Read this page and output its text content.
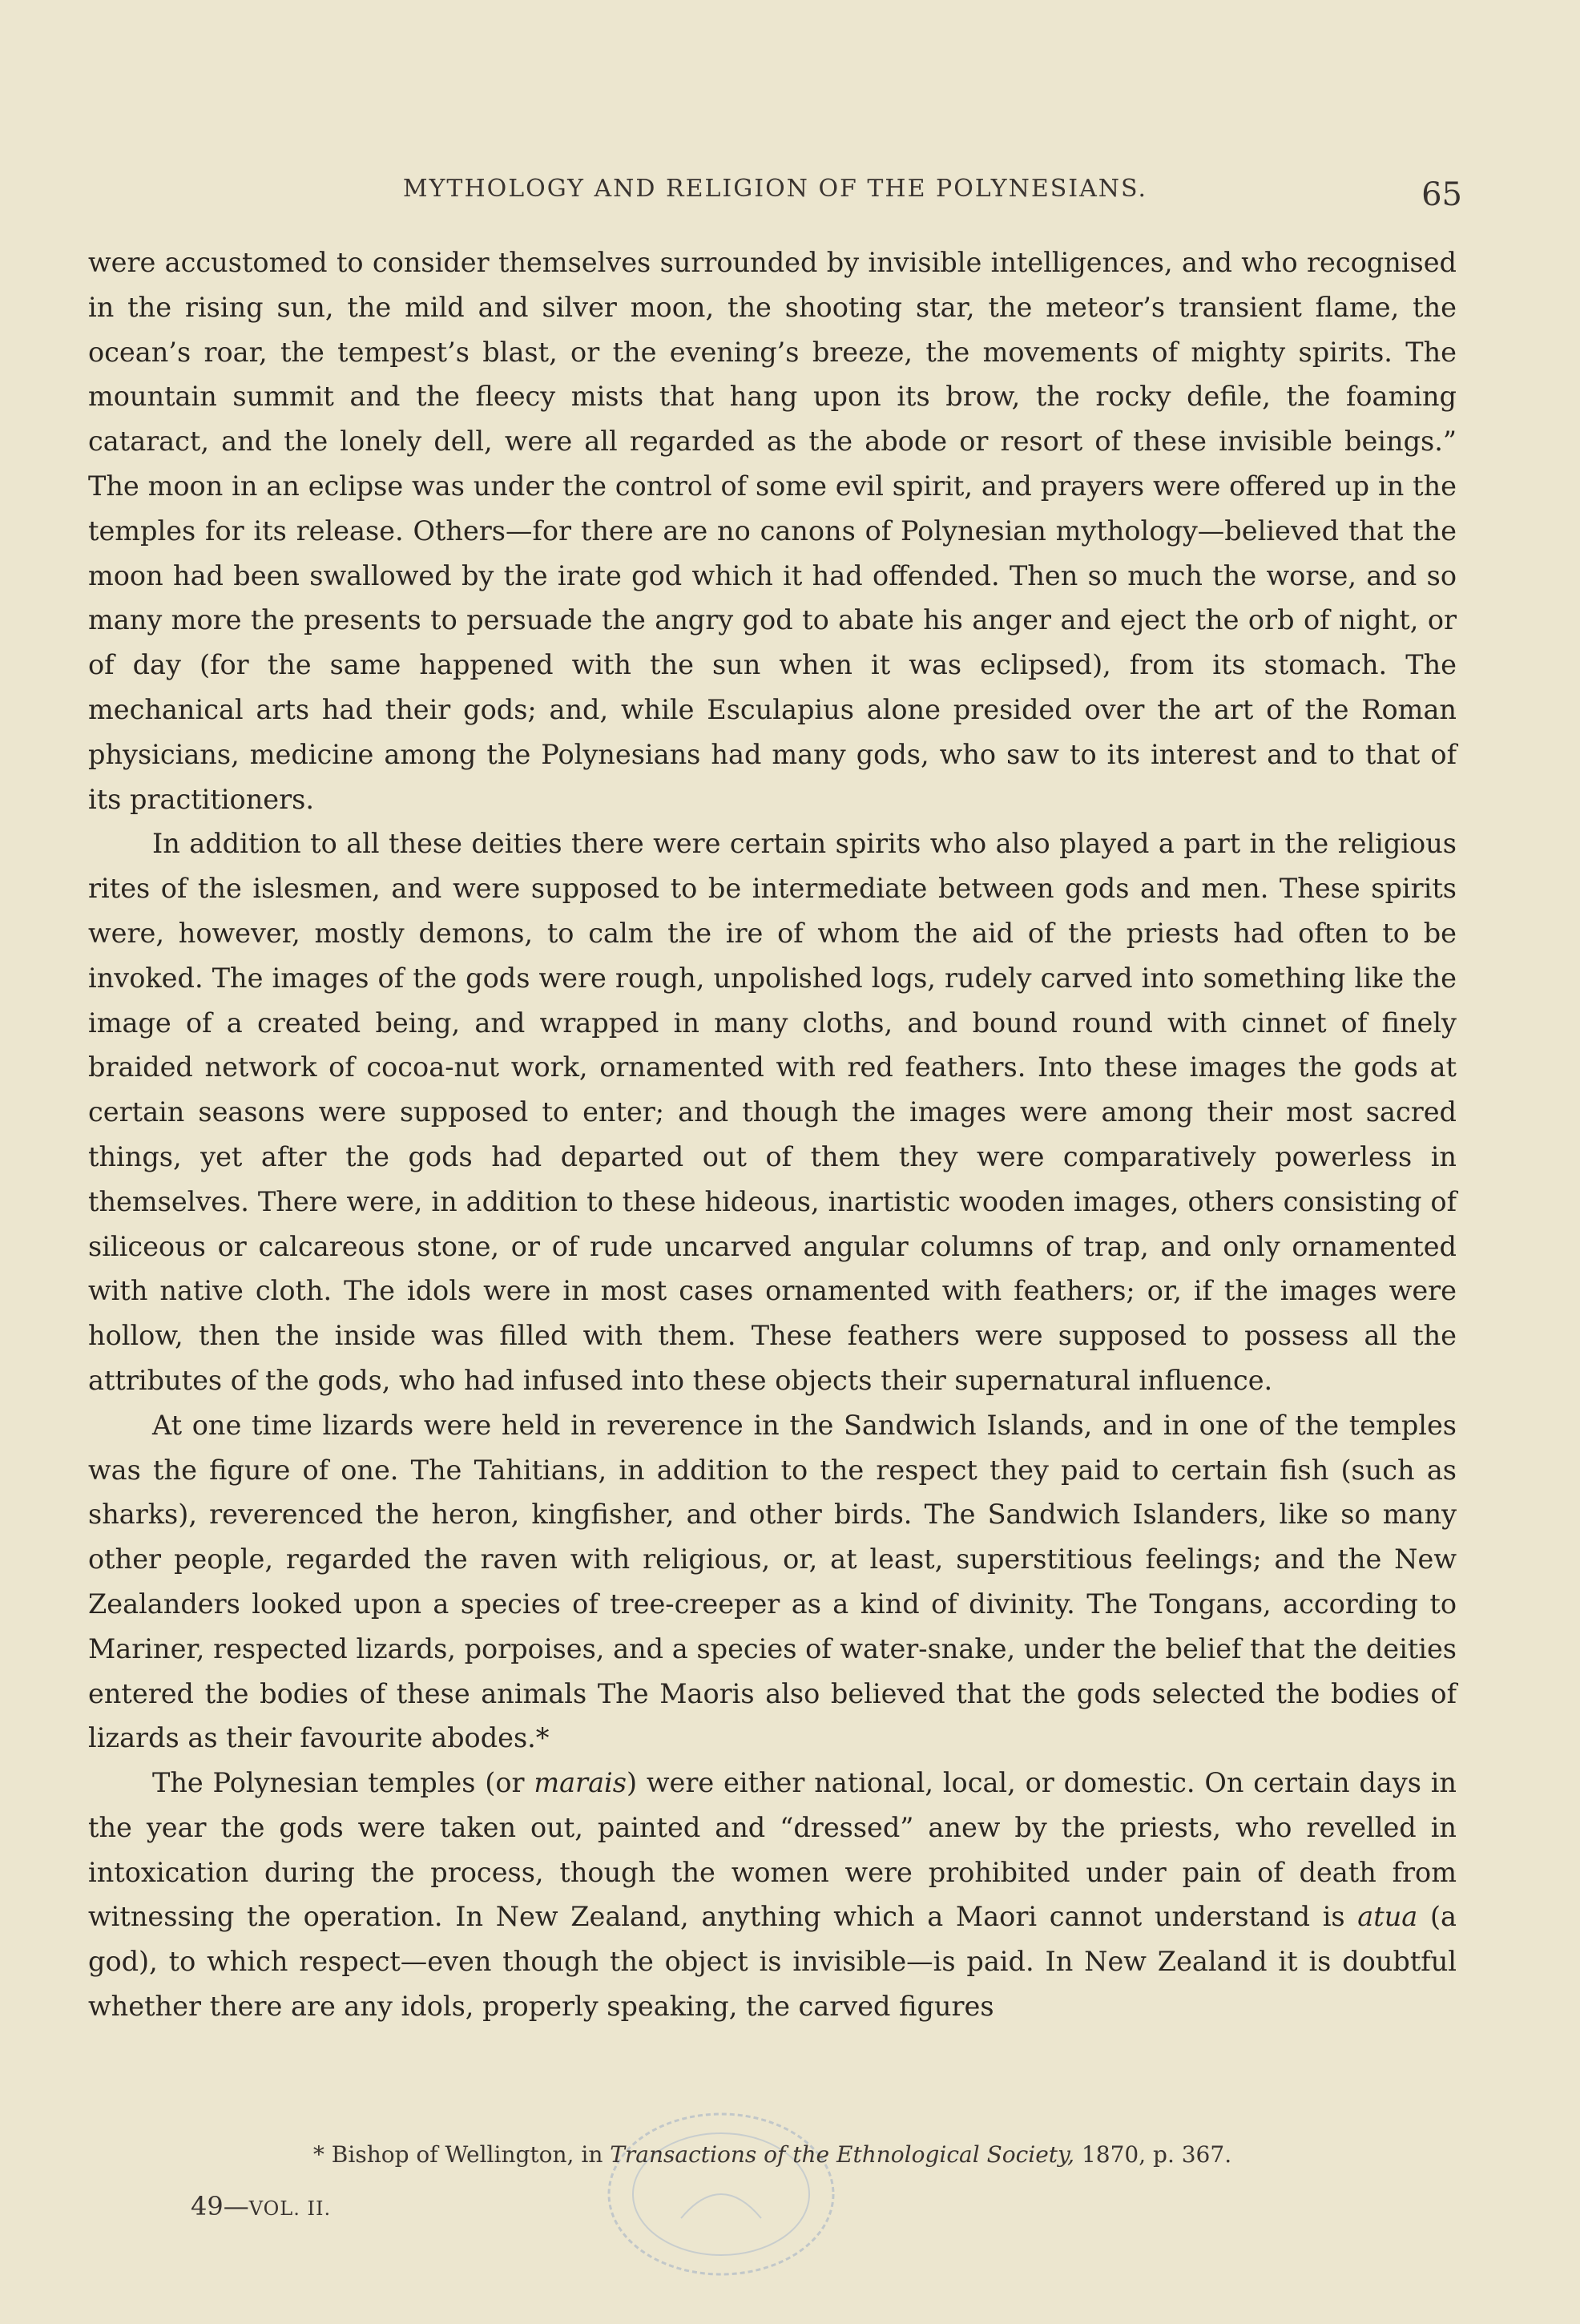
MYTHOLOGY AND RELIGION OF THE POLYNESIANS.	65

were accustomed to consider themselves surrounded by invisible intelligences, and who recognised in the rising sun, the mild and silver moon, the shooting star, the meteor’s transient flame, the ocean’s roar, the tempest’s blast, or the evening’s breeze, the movements of mighty spirits. The mountain summit and the fleecy mists that hang upon its brow, the rocky defile, the foaming cataract, and the lonely dell, were all regarded as the abode or resort of these invisible beings.” The moon in an eclipse was under the control of some evil spirit, and prayers were offered up in the temples for its release. Others—for there are no canons of Polynesian mythology—believed that the moon had been swallowed by the irate god which it had offended. Then so much the worse, and so many more the presents to persuade the angry god to abate his anger and eject the orb of night, or of day (for the same happened with the sun when it was eclipsed), from its stomach. The mechanical arts had their gods; and, while Esculapius alone presided over the art of the Roman physicians, medicine among the Polynesians had many gods, who saw to its interest and to that of its practitioners.

In addition to all these deities there were certain spirits who also played a part in the religious rites of the islesmen, and were supposed to be intermediate between gods and men. These spirits were, however, mostly demons, to calm the ire of whom the aid of the priests had often to be invoked. The images of the gods were rough, unpolished logs, rudely carved into something like the image of a created being, and wrapped in many cloths, and bound round with cinnet of finely braided network of cocoa-nut work, ornamented with red feathers. Into these images the gods at certain seasons were supposed to enter; and though the images were among their most sacred things, yet after the gods had departed out of them they were comparatively powerless in themselves. There were, in addition to these hideous, inartistic wooden images, others consisting of siliceous or calcareous stone, or of rude uncarved angular columns of trap, and only ornamented with native cloth. The idols were in most cases ornamented with feathers; or, if the images were hollow, then the inside was filled with them. These feathers were supposed to possess all the attributes of the gods, who had infused into these objects their supernatural influence.

At one time lizards were held in reverence in the Sandwich Islands, and in one of the temples was the figure of one. The Tahitians, in addition to the respect they paid to certain fish (such as sharks), reverenced the heron, kingfisher, and other birds. The Sandwich Islanders, like so many other people, regarded the raven with religious, or, at least, superstitious feelings; and the New Zealanders looked upon a species of tree-creeper as a kind of divinity. The Tongans, according to Mariner, respected lizards, porpoises, and a species of water-snake, under the belief that the deities entered the bodies of these animals The Maoris also believed that the gods selected the bodies of lizards as their favourite abodes.*

The Polynesian temples (or marais) were either national, local, or domestic. On certain days in the year the gods were taken out, painted and “dressed” anew by the priests, who revelled in intoxication during the process, though the women were prohibited under pain of death from witnessing the operation. In New Zealand, anything which a Maori cannot understand is atua (a god), to which respect—even though the object is invisible—is paid. In New Zealand it is doubtful whether there are any idols, properly speaking, the carved figures

* Bishop of Wellington, in Transactions of the Ethnological Society, 1870, p. 367.
49—VOL. II.
